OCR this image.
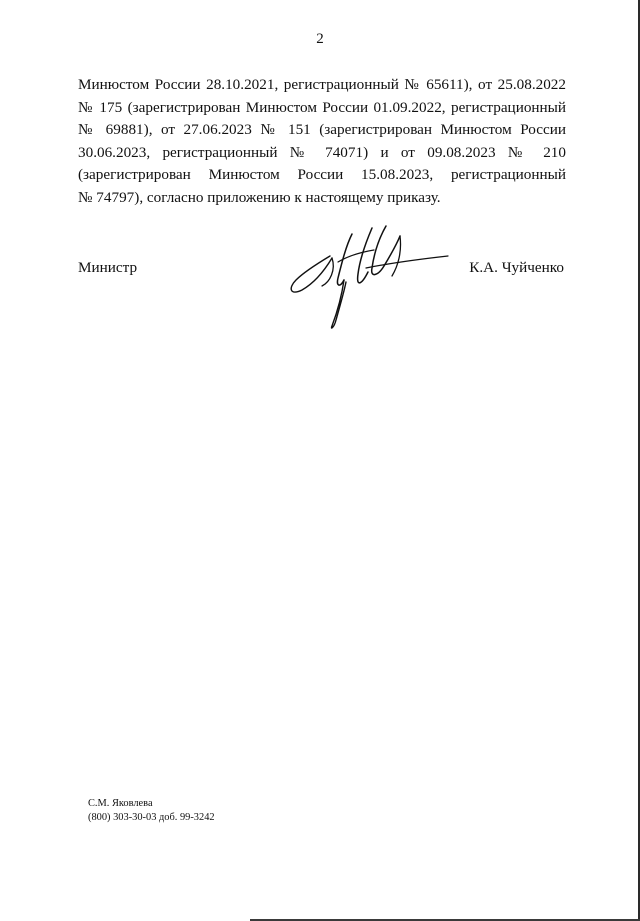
2
Минюстом России 28.10.2021, регистрационный № 65611), от 25.08.2022
№ 175 (зарегистрирован Минюстом России 01.09.2022, регистрационный
№ 69881), от 27.06.2023 № 151 (зарегистрирован Минюстом России
30.06.2023, регистрационный № 74071) и от 09.08.2023 № 210
(зарегистрирован Минюстом России 15.08.2023, регистрационный
№ 74797), согласно приложению к настоящему приказу.
Министр	К.А. Чуйченко
С.М. Яковлева
(800) 303-30-03 доб. 99-3242
